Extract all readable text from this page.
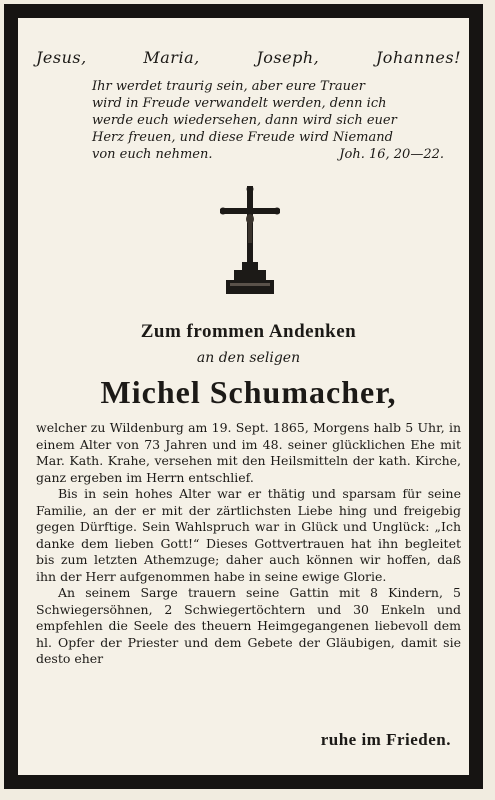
Jesus,	Maria,	Joseph,	Johannes!
Ihr werdet traurig sein, aber eure Trauer
wird in Freude verwandelt werden, denn ich
werde euch wiedersehen, dann wird sich euer
Herz freuen, und diese Freude wird Niemand
von euch nehmen.	Joh. 16, 20—22.
Zum frommen Andenken
an den seligen
Michel Schumacher,

welcher zu Wildenburg am 19. Sept. 1865, Morgens halb 5 Uhr, in einem Alter von 73 Jahren und im 48. seiner glücklichen Ehe mit Mar. Kath. Krahe, versehen mit den Heilsmitteln der kath. Kirche, ganz ergeben im Herrn entschlief.

Bis in sein hohes Alter war er thätig und sparsam für seine Familie, an der er mit der zärtlichsten Liebe hing und freigebig gegen Dürftige. Sein Wahlspruch war in Glück und Unglück: „Ich danke dem lieben Gott!“ Dieses Gottvertrauen hat ihn begleitet bis zum letzten Athemzuge; daher auch können wir hoffen, daß ihn der Herr aufgenommen habe in seine ewige Glorie.

An seinem Sarge trauern seine Gattin mit 8 Kindern, 5 Schwiegersöhnen, 2 Schwiegertöchtern und 30 Enkeln und empfehlen die Seele des theuern Heimgegangenen liebevoll dem hl. Opfer der Priester und dem Gebete der Gläubigen, damit sie desto eher

ruhe im Frieden.
